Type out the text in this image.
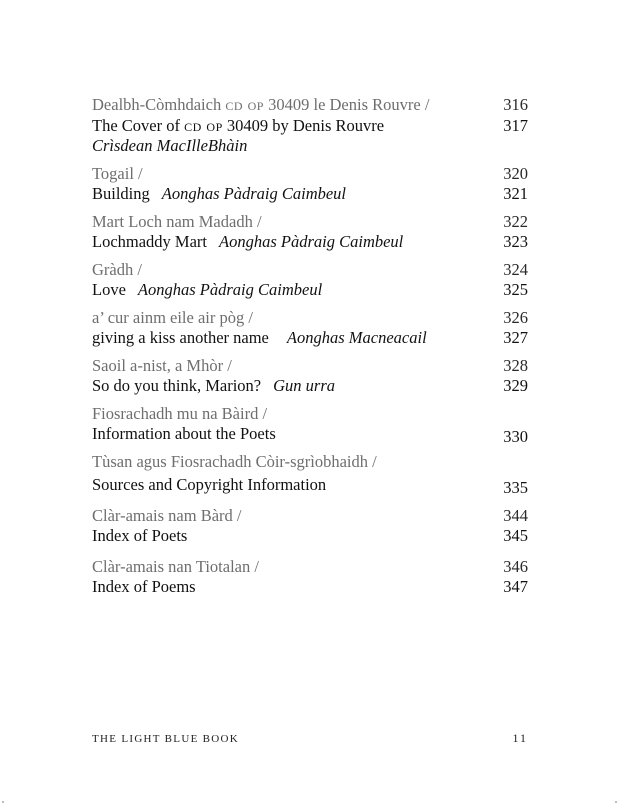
Dealbh-Còmhdaich cd op 30409 le Denis Rouvre /	316
The Cover of cd op 30409 by Denis Rouvre	317
Crìsdean MacIlleBhàin
Togail /	320
Building Aonghas Pàdraig Caimbeul	321
Mart Loch nam Madadh /	322
Lochmaddy Mart Aonghas Pàdraig Caimbeul	323
Gràdh /	324
Love Aonghas Pàdraig Caimbeul	325
a’ cur ainm eile air pòg /	326
giving a kiss another name Aonghas Macneacail	327
Saoil a-nist, a Mhòr /	328
So do you think, Marion? Gun urra	329
Fiosrachadh mu na Bàird /
Information about the Poets	330
Tùsan agus Fiosrachadh Còir-sgrìobhaidh /
Sources and Copyright Information	335
Clàr-amais nam Bàrd /	344
Index of Poets	345
Clàr-amais nan Tiotalan /	346
Index of Poems	347
THE LIGHT BLUE BOOK	11
